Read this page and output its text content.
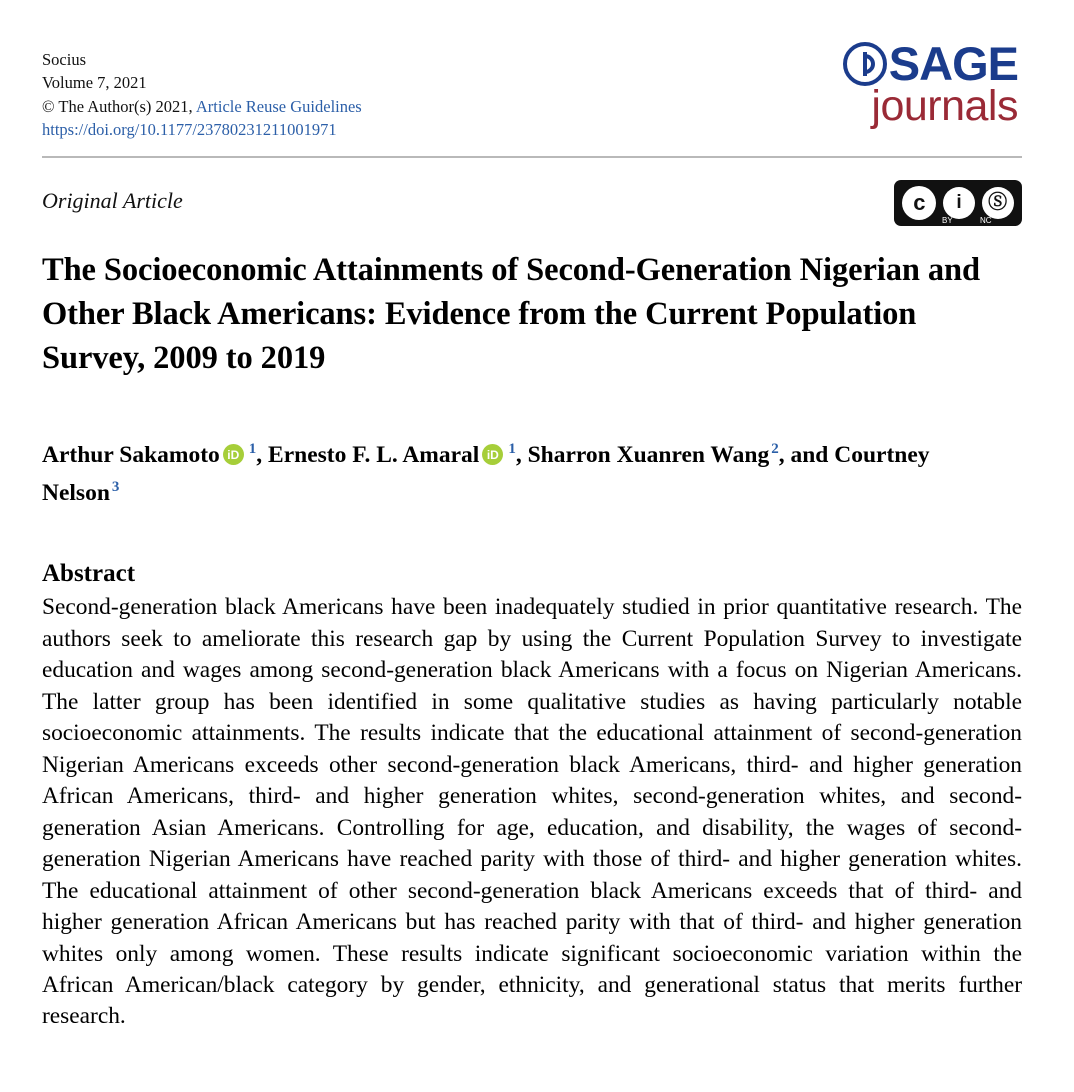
Socius
Volume 7, 2021
© The Author(s) 2021, Article Reuse Guidelines
https://doi.org/10.1177/23780231211001971
SAGE
journals
Original Article	c	i	Ⓢ
BY	NC
The Socioeconomic Attainments of Second-Generation Nigerian and Other Black Americans: Evidence from the Current Population Survey, 2009 to 2019
Arthur Sakamoto iD $^1$, Ernesto F. L. Amaral iD $^1$, Sharron Xuanren Wang $^2$, and Courtney Nelson $^3$
Abstract
Second-generation black Americans have been inadequately studied in prior quantitative research. The authors seek to ameliorate this research gap by using the Current Population Survey to investigate education and wages among second-generation black Americans with a focus on Nigerian Americans. The latter group has been identified in some qualitative studies as having particularly notable socioeconomic attainments. The results indicate that the educational attainment of second-generation Nigerian Americans exceeds other second-generation black Americans, third- and higher generation African Americans, third- and higher generation whites, second-generation whites, and second-generation Asian Americans. Controlling for age, education, and disability, the wages of second-generation Nigerian Americans have reached parity with those of third- and higher generation whites. The educational attainment of other second-generation black Americans exceeds that of third- and higher generation African Americans but has reached parity with that of third- and higher generation whites only among women. These results indicate significant socioeconomic variation within the African American/black category by gender, ethnicity, and generational status that merits further research.
